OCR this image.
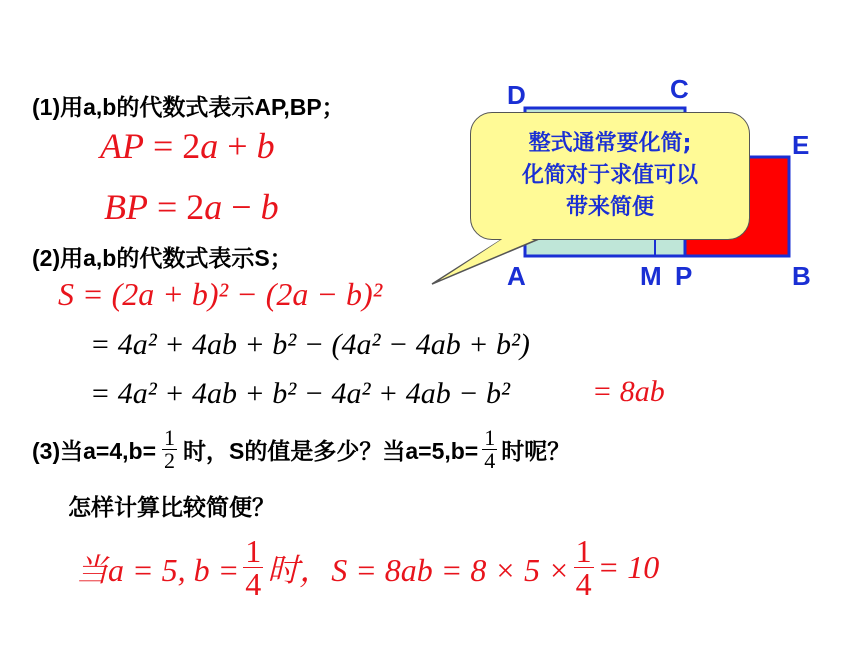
(1)用a,b的代数式表示AP,BP；
AP = 2a + b
BP = 2a − b
(2)用a,b的代数式表示S；
S = (2a + b)² − (2a − b)²
= 4a² + 4ab + b² − (4a² − 4ab + b²)
= 4a² + 4ab + b² − 4a² + 4ab − b²	= 8ab
(3)当$a=4,b= \frac{1}{2}$ 时，S的值是多少？当$a=5,b= \frac{1}{4}$ 时呢？
怎样计算比较简便？
当a = 5, $b = \frac{1}{4}$ 时，$S = 8ab = 8 \times 5 \times \frac{1}{4} = 10$
整式通常要化简;
化简对于求值可以
带来简便
D	C
E
A	M P	B
